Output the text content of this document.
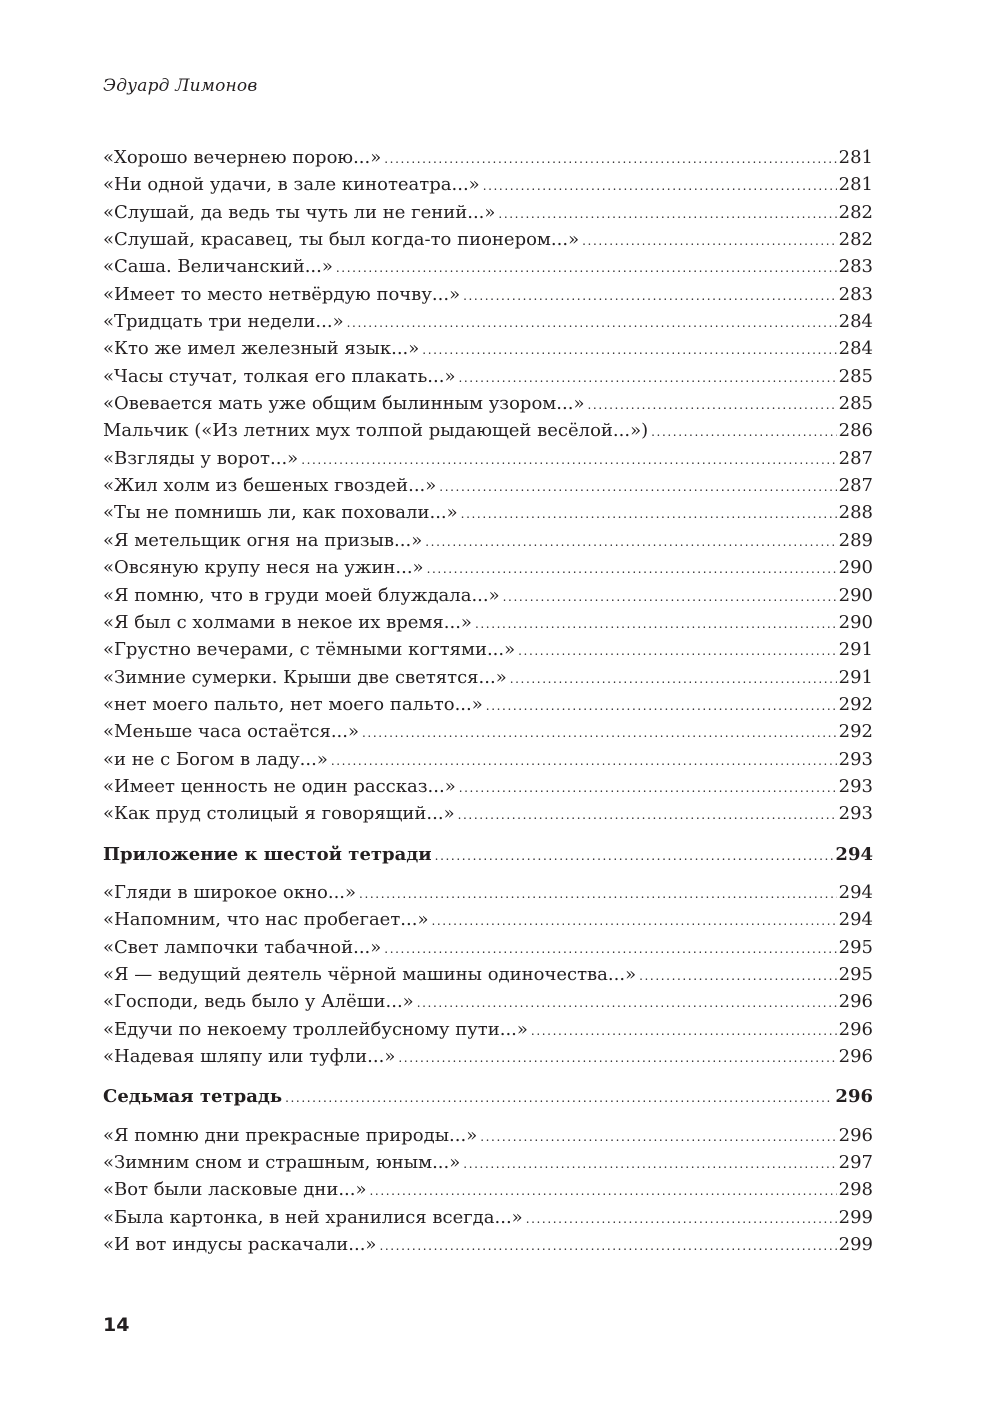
Эдуард Лимонов
«Хорошо вечернею порою...» .....	281
«Ни одной удачи, в зале кинотеатра...» .....	281
«Слушай, да ведь ты чуть ли не гений...» .....	282
«Слушай, красавец, ты был когда-то пионером...» .....	282
«Саша. Величанский...» .....	283
«Имеет то место нетвёрдую почву...» .....	283
«Тридцать три недели...» .....	284
«Кто же имел железный язык...» .....	284
«Часы стучат, толкая его плакать...» .....	285
«Овевается мать уже общим былинным узором...» .....	285
Мальчик («Из летних мух толпой рыдающей весёлой...») .....	286
«Взгляды у ворот...» .....	287
«Жил холм из бешеных гвоздей...» .....	287
«Ты не помнишь ли, как поховали...» .....	288
«Я метельщик огня на призыв...» .....	289
«Овсяную крупу неся на ужин...» .....	290
«Я помню, что в груди моей блуждала...» .....	290
«Я был с холмами в некое их время...» .....	290
«Грустно вечерами, с тёмными когтями...» .....	291
«Зимние сумерки. Крыши две светятся...» .....	291
«нет моего пальто, нет моего пальто...» .....	292
«Меньше часа остаётся...» .....	292
«и не с Богом в ладу...» .....	293
«Имеет ценность не один рассказ...» .....	293
«Как пруд столицый я говорящий...» .....	293
Приложение к шестой тетради .....	294
«Гляди в широкое окно...» .....	294
«Напомним, что нас пробегает...» .....	294
«Свет лампочки табачной...» .....	295
«Я — ведущий деятель чёрной машины одиночества...» .....	295
«Господи, ведь было у Алёши...» .....	296
«Едучи по некоему троллейбусному пути...» .....	296
«Надевая шляпу или туфли...» .....	296
Седьмая тетрадь .....	296
«Я помню дни прекрасные природы...» .....	296
«Зимним сном и страшным, юным...» .....	297
«Вот были ласковые дни...» .....	298
«Была картонка, в ней хранилися всегда...» .....	299
«И вот индусы раскачали...» .....	299
14
